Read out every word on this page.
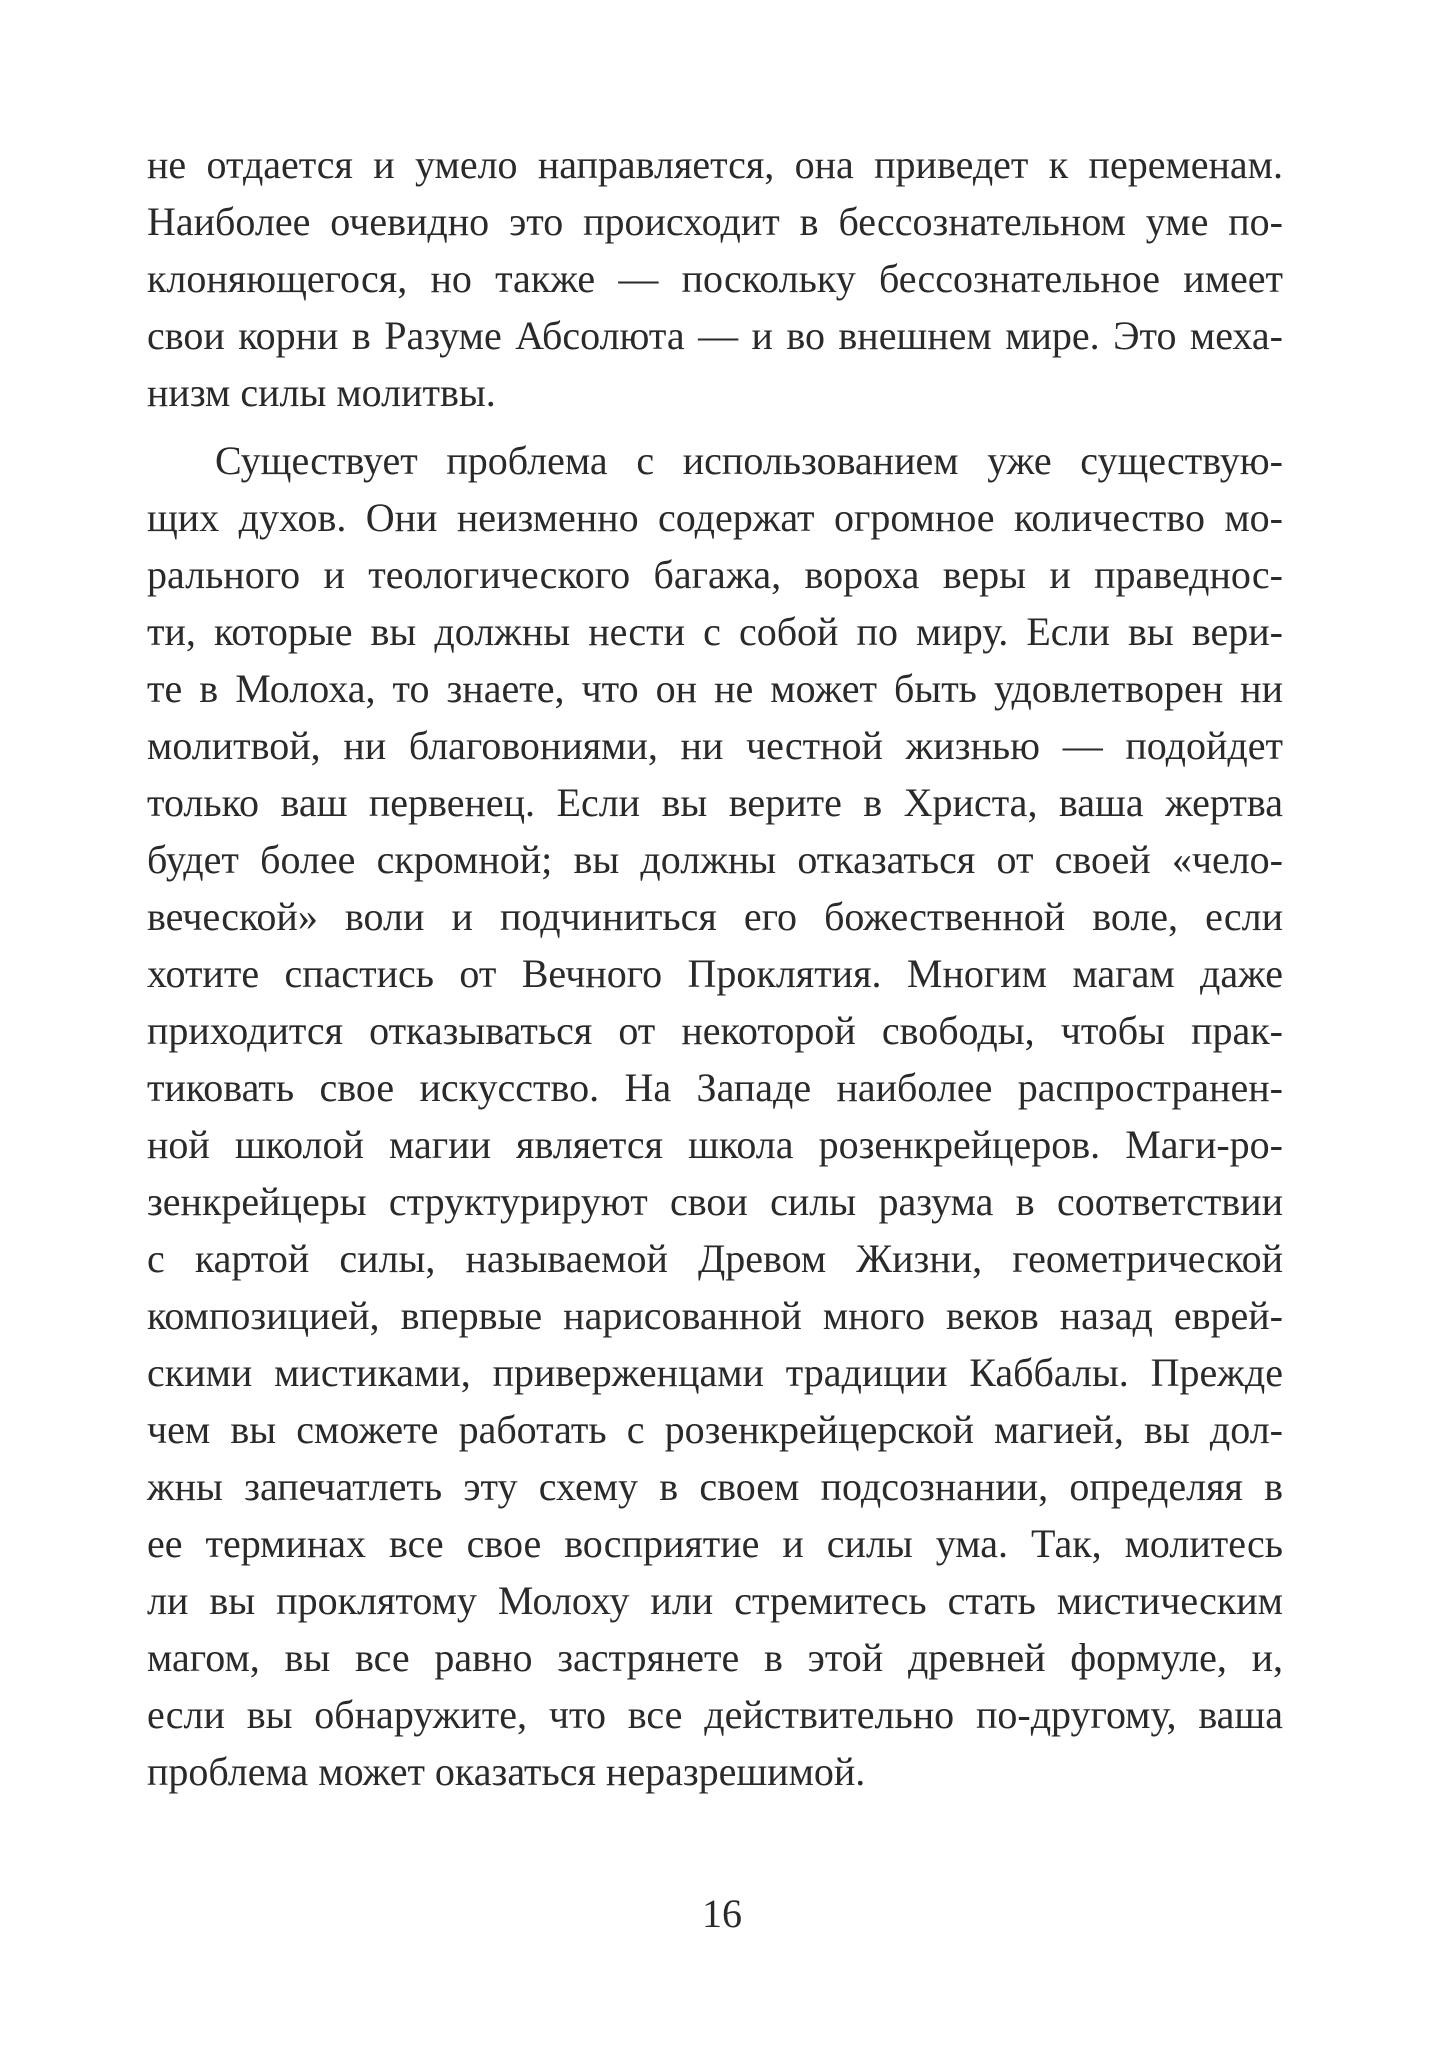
не отдается и умело направляется, она приведет к переменам.
Наиболее очевидно это происходит в бессознательном уме по-
клоняющегося, но также — поскольку бессознательное имеет
свои корни в Разуме Абсолюта — и во внешнем мире. Это меха-
низм силы молитвы.
Существует проблема с использованием уже существую-
щих духов. Они неизменно содержат огромное количество мо-
рального и теологического багажа, вороха веры и праведнос-
ти, которые вы должны нести с собой по миру. Если вы вери-
те в Молоха, то знаете, что он не может быть удовлетворен ни
молитвой, ни благовониями, ни честной жизнью — подойдет
только ваш первенец. Если вы верите в Христа, ваша жертва
будет более скромной; вы должны отказаться от своей «чело-
веческой» воли и подчиниться его божественной воле, если
хотите спастись от Вечного Проклятия. Многим магам даже
приходится отказываться от некоторой свободы, чтобы прак-
тиковать свое искусство. На Западе наиболее распространен-
ной школой магии является школа розенкрейцеров. Маги-ро-
зенкрейцеры структурируют свои силы разума в соответствии
с картой силы, называемой Древом Жизни, геометрической
композицией, впервые нарисованной много веков назад еврей-
скими мистиками, приверженцами традиции Каббалы. Прежде
чем вы сможете работать с розенкрейцерской магией, вы дол-
жны запечатлеть эту схему в своем подсознании, определяя в
ее терминах все свое восприятие и силы ума. Так, молитесь
ли вы проклятому Молоху или стремитесь стать мистическим
магом, вы все равно застрянете в этой древней формуле, и,
если вы обнаружите, что все действительно по-другому, ваша
проблема может оказаться неразрешимой.
16
